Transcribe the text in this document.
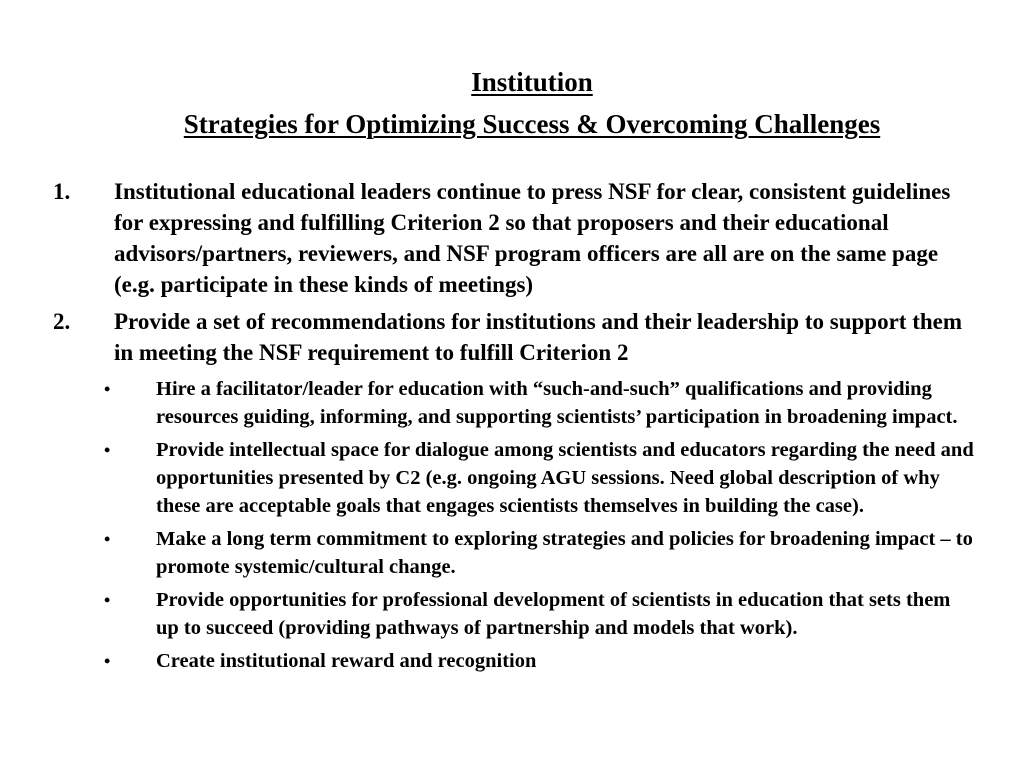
Institution

Strategies for Optimizing Success & Overcoming Challenges

1. Institutional educational leaders continue to press NSF for clear, consistent guidelines for expressing and fulfilling Criterion 2 so that proposers and their educational advisors/partners, reviewers, and NSF program officers are all are on the same page (e.g. participate in these kinds of meetings)
2. Provide a set of recommendations for institutions and their leadership to support them in meeting the NSF requirement to fulfill Criterion 2
• Hire a facilitator/leader for education with “such-and-such” qualifications and providing resources guiding, informing, and supporting scientists’ participation in broadening impact.
• Provide intellectual space for dialogue among scientists and educators regarding the need and opportunities presented by C2 (e.g. ongoing AGU sessions. Need global description of why these are acceptable goals that engages scientists themselves in building the case).
• Make a long term commitment to exploring strategies and policies for broadening impact – to promote systemic/cultural change.
• Provide opportunities for professional development of scientists in education that sets them up to succeed (providing pathways of partnership and models that work).
• Create institutional reward and recognition
